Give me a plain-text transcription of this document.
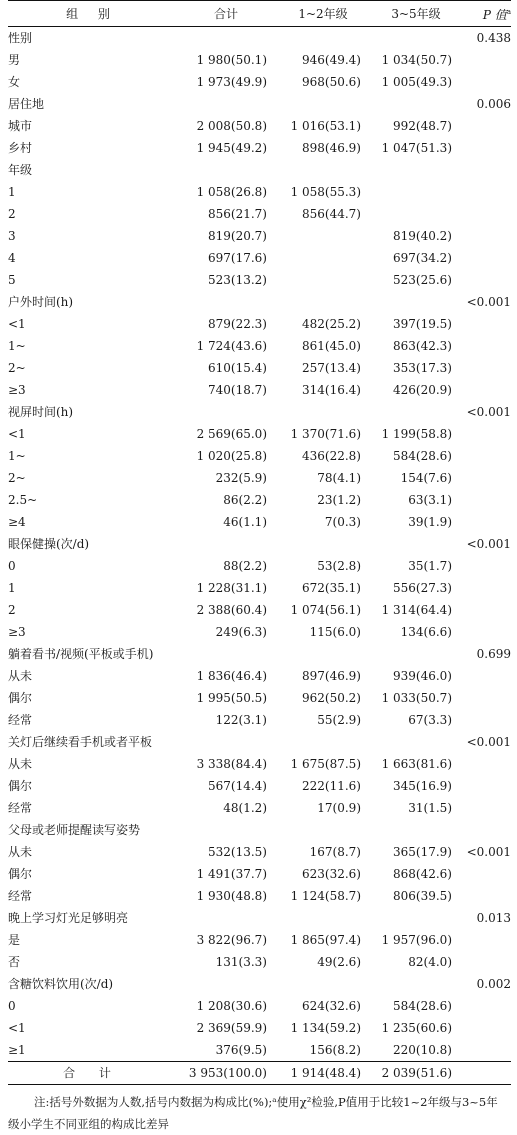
组 别	合计	1~2年级	3~5年级	P 值$^a$
性别				0.438
男	1 980(50.1)	946(49.4)	1 034(50.7)	
女	1 973(49.9)	968(50.6)	1 005(49.3)	
居住地				0.006
城市	2 008(50.8)	1 016(53.1)	992(48.7)	
乡村	1 945(49.2)	898(46.9)	1 047(51.3)	
年级				
1	1 058(26.8)	1 058(55.3)		
2	856(21.7)	856(44.7)		
3	819(20.7)		819(40.2)	
4	697(17.6)		697(34.2)	
5	523(13.2)		523(25.6)	
户外时间(h)				<0.001
<1	879(22.3)	482(25.2)	397(19.5)	
1~	1 724(43.6)	861(45.0)	863(42.3)	
2~	610(15.4)	257(13.4)	353(17.3)	
≥3	740(18.7)	314(16.4)	426(20.9)	
视屏时间(h)				<0.001
<1	2 569(65.0)	1 370(71.6)	1 199(58.8)	
1~	1 020(25.8)	436(22.8)	584(28.6)	
2~	232(5.9)	78(4.1)	154(7.6)	
2.5~	86(2.2)	23(1.2)	63(3.1)	
≥4	46(1.1)	7(0.3)	39(1.9)	
眼保健操(次/d)				<0.001
0	88(2.2)	53(2.8)	35(1.7)	
1	1 228(31.1)	672(35.1)	556(27.3)	
2	2 388(60.4)	1 074(56.1)	1 314(64.4)	
≥3	249(6.3)	115(6.0)	134(6.6)	
躺着看书/视频(平板或手机)				0.699
从未	1 836(46.4)	897(46.9)	939(46.0)	
偶尔	1 995(50.5)	962(50.2)	1 033(50.7)	
经常	122(3.1)	55(2.9)	67(3.3)	
关灯后继续看手机或者平板				<0.001
从未	3 338(84.4)	1 675(87.5)	1 663(81.6)	
偶尔	567(14.4)	222(11.6)	345(16.9)	
经常	48(1.2)	17(0.9)	31(1.5)	
父母或老师提醒读写姿势				
从未	532(13.5)	167(8.7)	365(17.9)	<0.001
偶尔	1 491(37.7)	623(32.6)	868(42.6)	
经常	1 930(48.8)	1 124(58.7)	806(39.5)	
晚上学习灯光足够明亮				0.013
是	3 822(96.7)	1 865(97.4)	1 957(96.0)	
否	131(3.3)	49(2.6)	82(4.0)	
含糖饮料饮用(次/d)				0.002
0	1 208(30.6)	624(32.6)	584(28.6)	
<1	2 369(59.9)	1 134(59.2)	1 235(60.6)	
≥1	376(9.5)	156(8.2)	220(10.8)	
合 计	3 953(100.0)	1 914(48.4)	2 039(51.6)	
注:括号外数据为人数,括号内数据为构成比(%);ᵃ使用χ²检验,P值用于比较1~2年级与3~5年级小学生不同亚组的构成比差异
